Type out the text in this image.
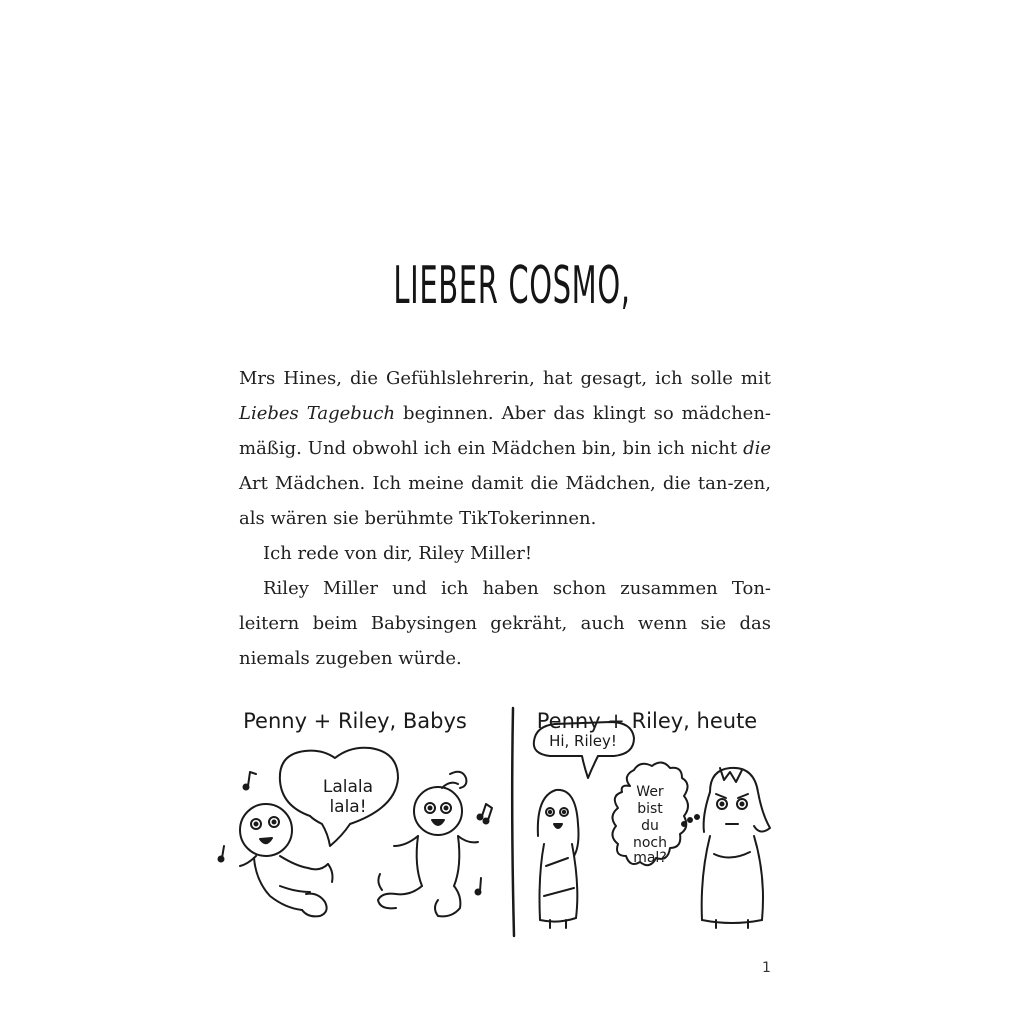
LIEBER COSMO,

Mrs Hines, die Gefühlslehrerin, hat gesagt, ich solle mit Liebes Tagebuch beginnen. Aber das klingt so mädchen-mäßig. Und obwohl ich ein Mädchen bin, bin ich nicht die Art Mädchen. Ich meine damit die Mädchen, die tan-zen, als wären sie berühmte TikTokerinnen.

Ich rede von dir, Riley Miller!

Riley Miller und ich haben schon zusammen Ton-leitern beim Babysingen gekräht, auch wenn sie das niemals zugeben würde.

Penny + Riley, Babys	Penny + Riley, heute
Lalala
lala!
Hi, Riley!
Wer
bist
du
noch
mal?
1
